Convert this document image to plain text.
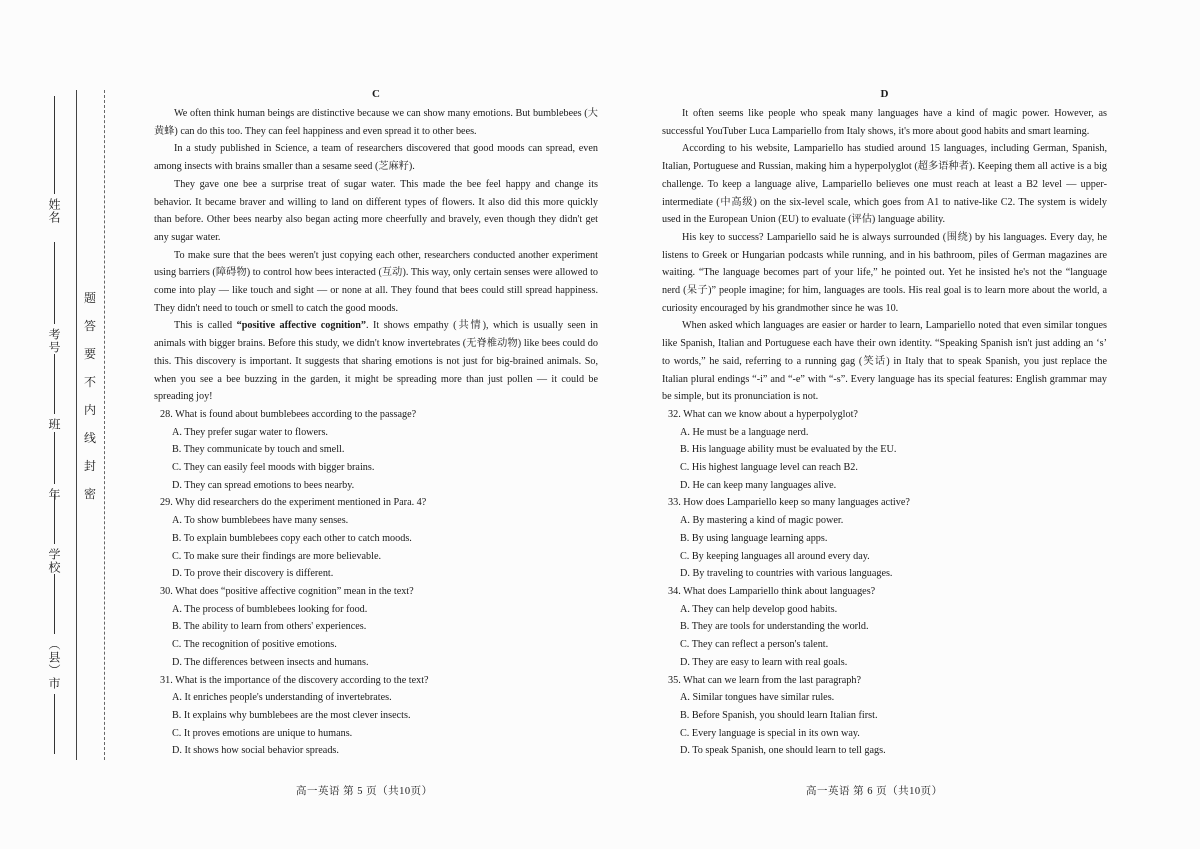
姓名
考号
班
年
学校
（县）市
题
答
要
不
内
线
封
密
C

We often think human beings are distinctive because we can show many emotions. But bumblebees (大黄蜂) can do this too. They can feel happiness and even spread it to other bees.

In a study published in Science, a team of researchers discovered that good moods can spread, even among insects with brains smaller than a sesame seed (芝麻籽).

They gave one bee a surprise treat of sugar water. This made the bee feel happy and change its behavior. It became braver and willing to land on different types of flowers. It also did this more quickly than before. Other bees nearby also began acting more cheerfully and bravely, even though they didn't get any sugar water.

To make sure that the bees weren't just copying each other, researchers conducted another experiment using barriers (障碍物) to control how bees interacted (互动). This way, only certain senses were allowed to come into play — like touch and sight — or none at all. They found that bees could still spread happiness. They didn't need to touch or smell to catch the good moods.

This is called “positive affective cognition”. It shows empathy (共情), which is usually seen in animals with bigger brains. Before this study, we didn't know invertebrates (无脊椎动物) like bees could do this. This discovery is important. It suggests that sharing emotions is not just for big-brained animals. So, when you see a bee buzzing in the garden, it might be spreading more than just pollen — it could be spreading joy!

28. What is found about bumblebees according to the passage?

A. They prefer sugar water to flowers.

B. They communicate by touch and smell.

C. They can easily feel moods with bigger brains.

D. They can spread emotions to bees nearby.

29. Why did researchers do the experiment mentioned in Para. 4?

A. To show bumblebees have many senses.

B. To explain bumblebees copy each other to catch moods.

C. To make sure their findings are more believable.

D. To prove their discovery is different.

30. What does “positive affective cognition” mean in the text?

A. The process of bumblebees looking for food.

B. The ability to learn from others' experiences.

C. The recognition of positive emotions.

D. The differences between insects and humans.

31. What is the importance of the discovery according to the text?

A. It enriches people's understanding of invertebrates.

B. It explains why bumblebees are the most clever insects.

C. It proves emotions are unique to humans.

D. It shows how social behavior spreads.

D

It often seems like people who speak many languages have a kind of magic power. However, as successful YouTuber Luca Lampariello from Italy shows, it's more about good habits and smart learning.

According to his website, Lampariello has studied around 15 languages, including German, Spanish, Italian, Portuguese and Russian, making him a hyperpolyglot (超多语种者). Keeping them all active is a big challenge. To keep a language alive, Lampariello believes one must reach at least a B2 level — upper-intermediate (中高级) on the six-level scale, which goes from A1 to native-like C2. The system is widely used in the European Union (EU) to evaluate (评估) language ability.

His key to success? Lampariello said he is always surrounded (围绕) by his languages. Every day, he listens to Greek or Hungarian podcasts while running, and in his bathroom, piles of German magazines are waiting. “The language becomes part of your life,” he pointed out. Yet he insisted he's not the “language nerd (呆子)” people imagine; for him, languages are tools. His real goal is to learn more about the world, a curiosity encouraged by his grandmother since he was 10.

When asked which languages are easier or harder to learn, Lampariello noted that even similar tongues like Spanish, Italian and Portuguese each have their own identity. “Speaking Spanish isn't just adding an ‘s’ to words,” he said, referring to a running gag (笑话) in Italy that to speak Spanish, you just replace the Italian plural endings “-i” and “-e” with “-s”. Every language has its special features: English grammar may be simple, but its pronunciation is not.

32. What can we know about a hyperpolyglot?

A. He must be a language nerd.

B. His language ability must be evaluated by the EU.

C. His highest language level can reach B2.

D. He can keep many languages alive.

33. How does Lampariello keep so many languages active?

A. By mastering a kind of magic power.

B. By using language learning apps.

C. By keeping languages all around every day.

D. By traveling to countries with various languages.

34. What does Lampariello think about languages?

A. They can help develop good habits.

B. They are tools for understanding the world.

C. They can reflect a person's talent.

D. They are easy to learn with real goals.

35. What can we learn from the last paragraph?

A. Similar tongues have similar rules.

B. Before Spanish, you should learn Italian first.

C. Every language is special in its own way.

D. To speak Spanish, one should learn to tell gags.

高一英语 第 5 页（共10页）	高一英语 第 6 页（共10页）
